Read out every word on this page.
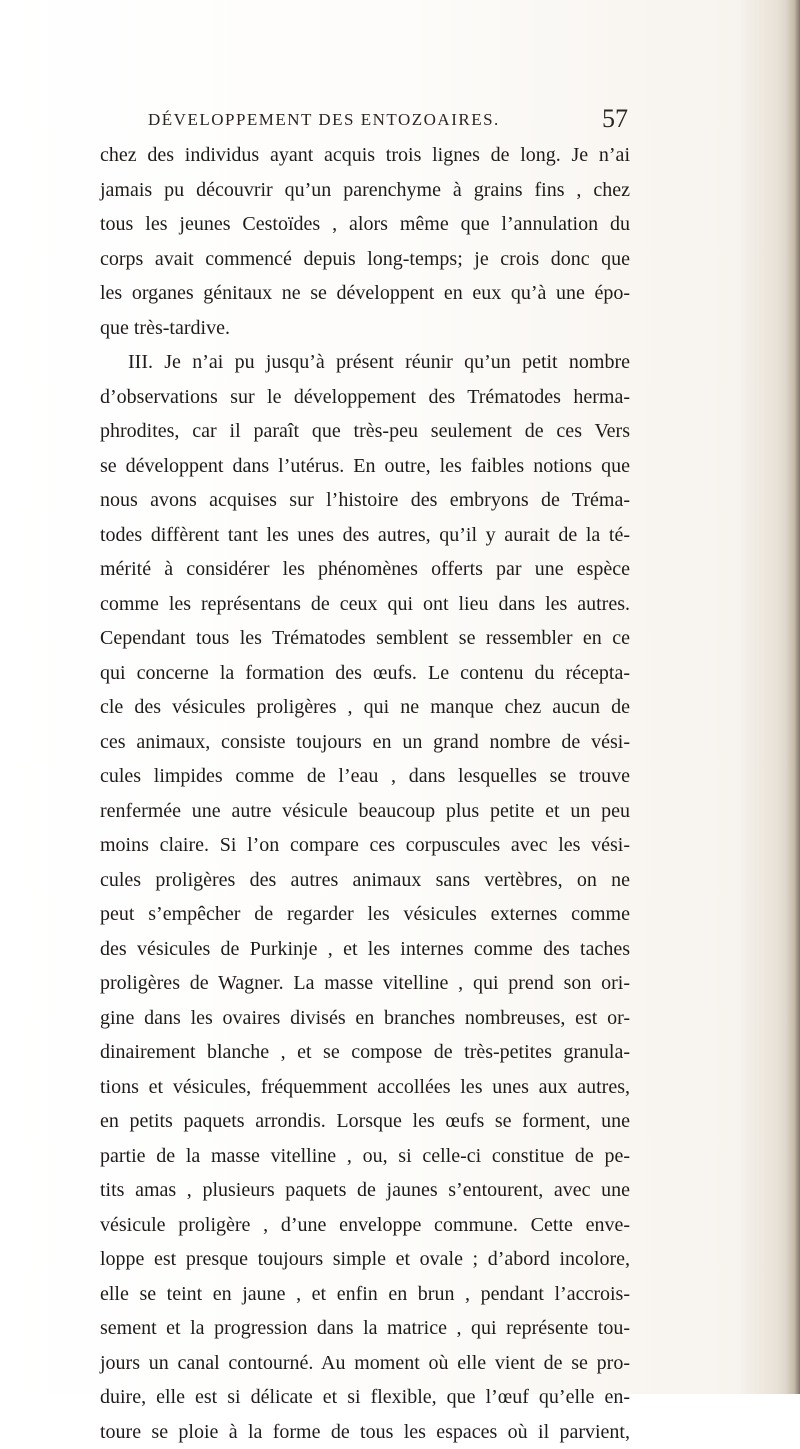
DÉVELOPPEMENT DES ENTOZOAIRES.	57
chez des individus ayant acquis trois lignes de long. Je n’ai
jamais pu découvrir qu’un parenchyme à grains fins , chez
tous les jeunes Cestoïdes , alors même que l’annulation du
corps avait commencé depuis long-temps; je crois donc que
les organes génitaux ne se développent en eux qu’à une épo-
que très-tardive.
III. Je n’ai pu jusqu’à présent réunir qu’un petit nombre
d’observations sur le développement des Trématodes herma-
phrodites, car il paraît que très-peu seulement de ces Vers
se développent dans l’utérus. En outre, les faibles notions que
nous avons acquises sur l’histoire des embryons de Tréma-
todes diffèrent tant les unes des autres, qu’il y aurait de la té-
mérité à considérer les phénomènes offerts par une espèce
comme les représentans de ceux qui ont lieu dans les autres.
Cependant tous les Trématodes semblent se ressembler en ce
qui concerne la formation des œufs. Le contenu du récepta-
cle des vésicules proligères , qui ne manque chez aucun de
ces animaux, consiste toujours en un grand nombre de vési-
cules limpides comme de l’eau , dans lesquelles se trouve
renfermée une autre vésicule beaucoup plus petite et un peu
moins claire. Si l’on compare ces corpuscules avec les vési-
cules proligères des autres animaux sans vertèbres, on ne
peut s’empêcher de regarder les vésicules externes comme
des vésicules de Purkinje , et les internes comme des taches
proligères de Wagner. La masse vitelline , qui prend son ori-
gine dans les ovaires divisés en branches nombreuses, est or-
dinairement blanche , et se compose de très-petites granula-
tions et vésicules, fréquemment accollées les unes aux autres,
en petits paquets arrondis. Lorsque les œufs se forment, une
partie de la masse vitelline , ou, si celle-ci constitue de pe-
tits amas , plusieurs paquets de jaunes s’entourent, avec une
vésicule proligère , d’une enveloppe commune. Cette enve-
loppe est presque toujours simple et ovale ; d’abord incolore,
elle se teint en jaune , et enfin en brun , pendant l’accrois-
sement et la progression dans la matrice , qui représente tou-
jours un canal contourné. Au moment où elle vient de se pro-
duire, elle est si délicate et si flexible, que l’œuf qu’elle en-
toure se ploie à la forme de tous les espaces où il parvient,
